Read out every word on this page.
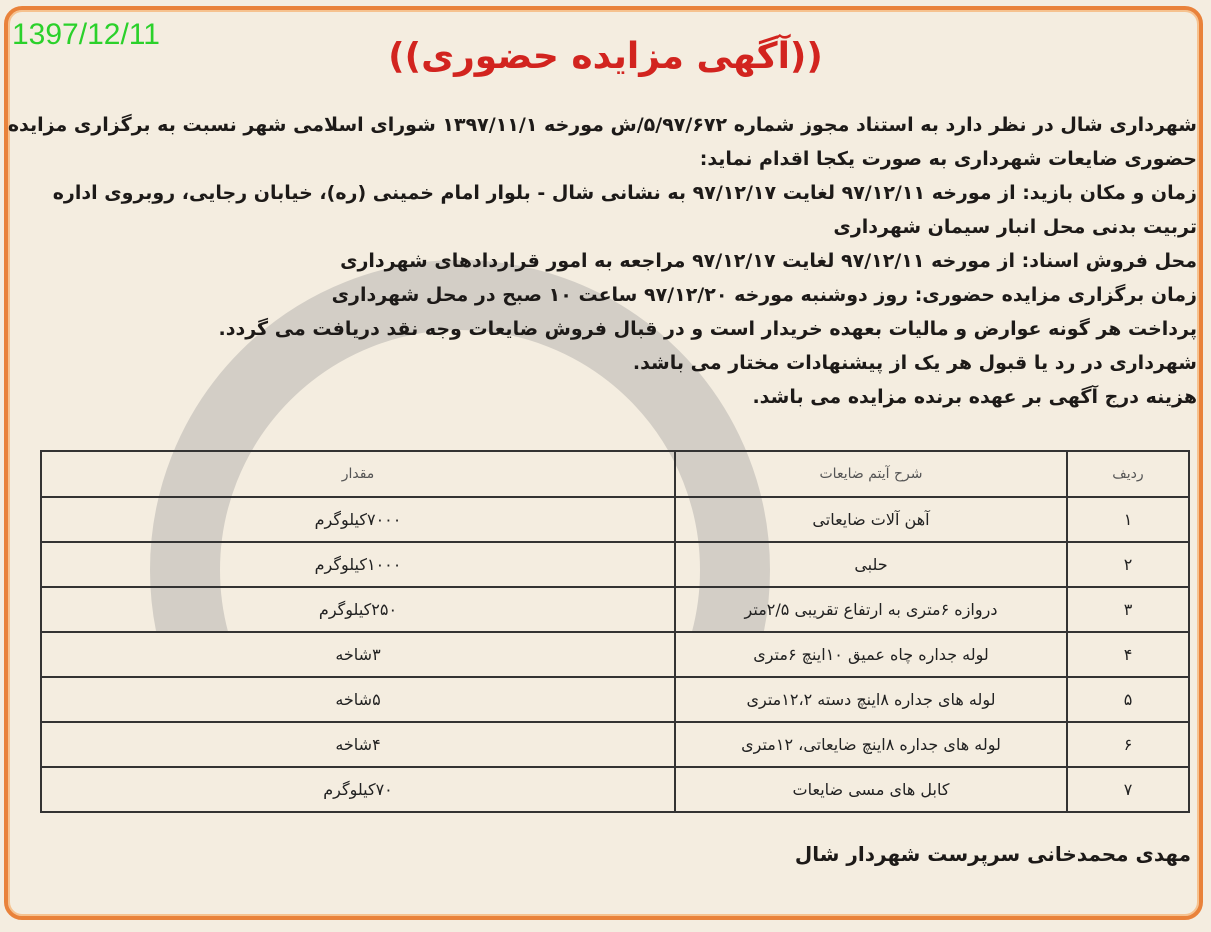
1397/12/11
((آگهی مزایده حضوری))

شهرداری شال در نظر دارد به استناد مجوز شماره ۵/۹۷/۶۷۲/ش مورخه ۱۳۹۷/۱۱/۱ شورای اسلامی شهر نسبت به برگزاری مزایده حضوری ضایعات شهرداری به صورت یکجا اقدام نماید:

زمان و مکان بازید: از مورخه ۹۷/۱۲/۱۱ لغایت ۹۷/۱۲/۱۷ به نشانی شال - بلوار امام خمینی (ره)، خیابان رجایی، روبروی اداره تربیت بدنی محل انبار سیمان شهرداری

محل فروش اسناد: از مورخه ۹۷/۱۲/۱۱ لغایت ۹۷/۱۲/۱۷ مراجعه به امور قراردادهای شهرداری

زمان برگزاری مزایده حضوری: روز دوشنبه مورخه ۹۷/۱۲/۲۰ ساعت ۱۰ صبح در محل شهرداری

پرداخت هر گونه عوارض و مالیات بعهده خریدار است و در قبال فروش ضایعات وجه نقد دریافت می گردد.

شهرداری در رد یا قبول هر یک از پیشنهادات مختار می باشد.

هزینه درج آگهی بر عهده برنده مزایده می باشد.

ردیف	شرح آیتم ضایعات	مقدار
۱	آهن آلات ضایعاتی	۷۰۰۰کیلوگرم
۲	حلبی	۱۰۰۰کیلوگرم
۳	دروازه ۶متری به ارتفاع تقریبی ۲/۵متر	۲۵۰کیلوگرم
۴	لوله جداره چاه عمیق ۱۰اینچ ۶متری	۳شاخه
۵	لوله های جداره ۸اینچ دسته ۱۲،۲متری	۵شاخه
۶	لوله های جداره ۸اینچ ضایعاتی، ۱۲متری	۴شاخه
۷	کابل های مسی ضایعات	۷۰کیلوگرم
مهدی محمدخانی سرپرست شهردار شال
